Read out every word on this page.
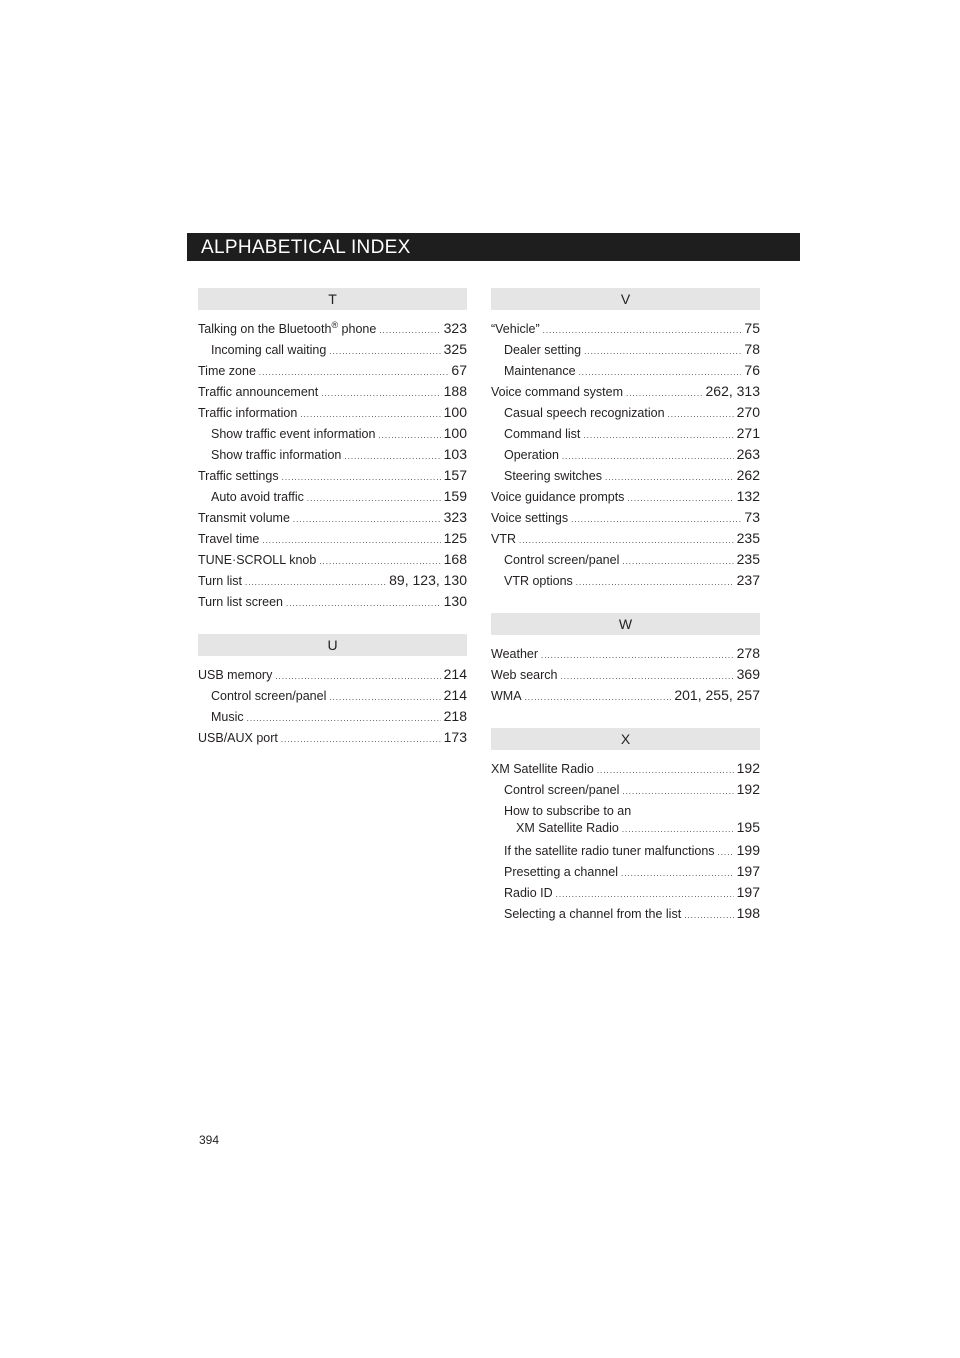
ALPHABETICAL INDEX
T
Talking on the Bluetooth® phone .....	323
Incoming call waiting .....	325
Time zone .....	67
Traffic announcement .....	188
Traffic information .....	100
Show traffic event information .....	100
Show traffic information .....	103
Traffic settings .....	157
Auto avoid traffic .....	159
Transmit volume .....	323
Travel time .....	125
TUNE·SCROLL knob .....	168
Turn list .....	89, 123, 130
Turn list screen .....	130
U
USB memory .....	214
Control screen/panel .....	214
Music .....	218
USB/AUX port .....	173
V
“Vehicle” .....	75
Dealer setting .....	78
Maintenance .....	76
Voice command system .....	262, 313
Casual speech recognization .....	270
Command list .....	271
Operation .....	263
Steering switches .....	262
Voice guidance prompts .....	132
Voice settings .....	73
VTR .....	235
Control screen/panel .....	235
VTR options .....	237
W
Weather .....	278
Web search .....	369
WMA .....	201, 255, 257
X
XM Satellite Radio .....	192
Control screen/panel .....	192
How to subscribe to an
XM Satellite Radio .....	195
If the satellite radio tuner malfunctions ..... 199
Presetting a channel .....	197
Radio ID .....	197
Selecting a channel from the list .....	198
394
